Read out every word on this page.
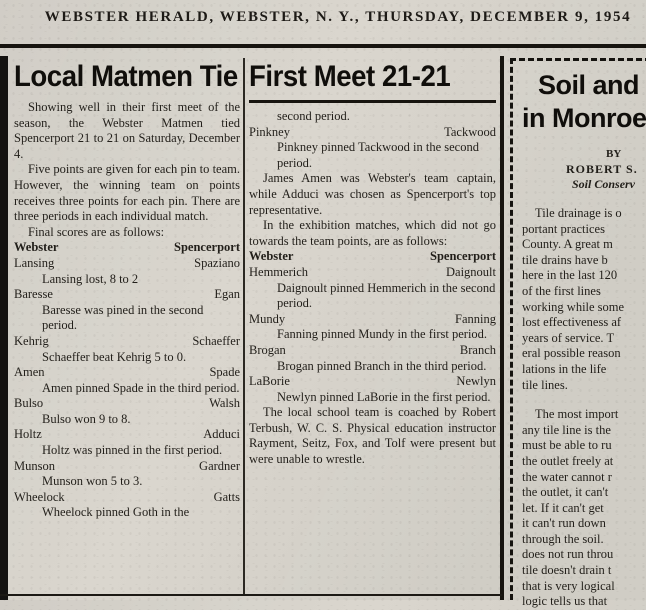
WEBSTER HERALD, WEBSTER, N. Y., THURSDAY, DECEMBER 9, 1954
Local Matmen Tie

Showing well in their first meet of the season, the Webster Matmen tied Spencerport 21 to 21 on Saturday, December 4.

Five points are given for each pin to team. However, the winning team on points receives three points for each pin. There are three periods in each individual match.

Final scores are as follows:

Webster	Spencerport
Lansing	Spaziano
Lansing lost, 8 to 2
Baresse	Egan
Baresse was pined in the second period.
Kehrig	Schaeffer
Schaeffer beat Kehrig 5 to 0.
Amen	Spade
Amen pinned Spade in the third period.
Bulso	Walsh
Bulso won 9 to 8.
Holtz	Adduci
Holtz was pinned in the first period.
Munson	Gardner
Munson won 5 to 3.
Wheelock	Gatts
Wheelock pinned Goth in the
First Meet 21-21
second period.
Pinkney	Tackwood
Pinkney pinned Tackwood in the second period.

James Amen was Webster's team captain, while Adduci was chosen as Spencerport's top representative.

In the exhibition matches, which did not go towards the team points, are as follows:

Webster	Spencerport
Hemmerich	Daignoult
Daignoult pinned Hemmerich in the second period.
Mundy	Fanning
Fanning pinned Mundy in the first period.
Brogan	Branch
Brogan pinned Branch in the third period.
LaBorie	Newlyn
Newlyn pinned LaBorie in the first period.

The local school team is coached by Robert Terbush, W. C. S. Physical education instructor Rayment, Seitz, Fox, and Tolf were present but were unable to wrestle.

Soil and
in Monroe
BY
ROBERT S.
Soil Conserv
Tile drainage is o
portant practices
County. A great m
tile drains have b
here in the last 120
of the first lines
working while some
lost effectiveness af
years of service. T
eral possible reason
lations in the life
tile lines.
The most import
any tile line is the
must be able to ru
the outlet freely at
the water cannot r
the outlet, it can't
let. If it can't get
it can't run down
through the soil.
does not run throu
tile doesn't drain t
that is very logical
logic tells us that
